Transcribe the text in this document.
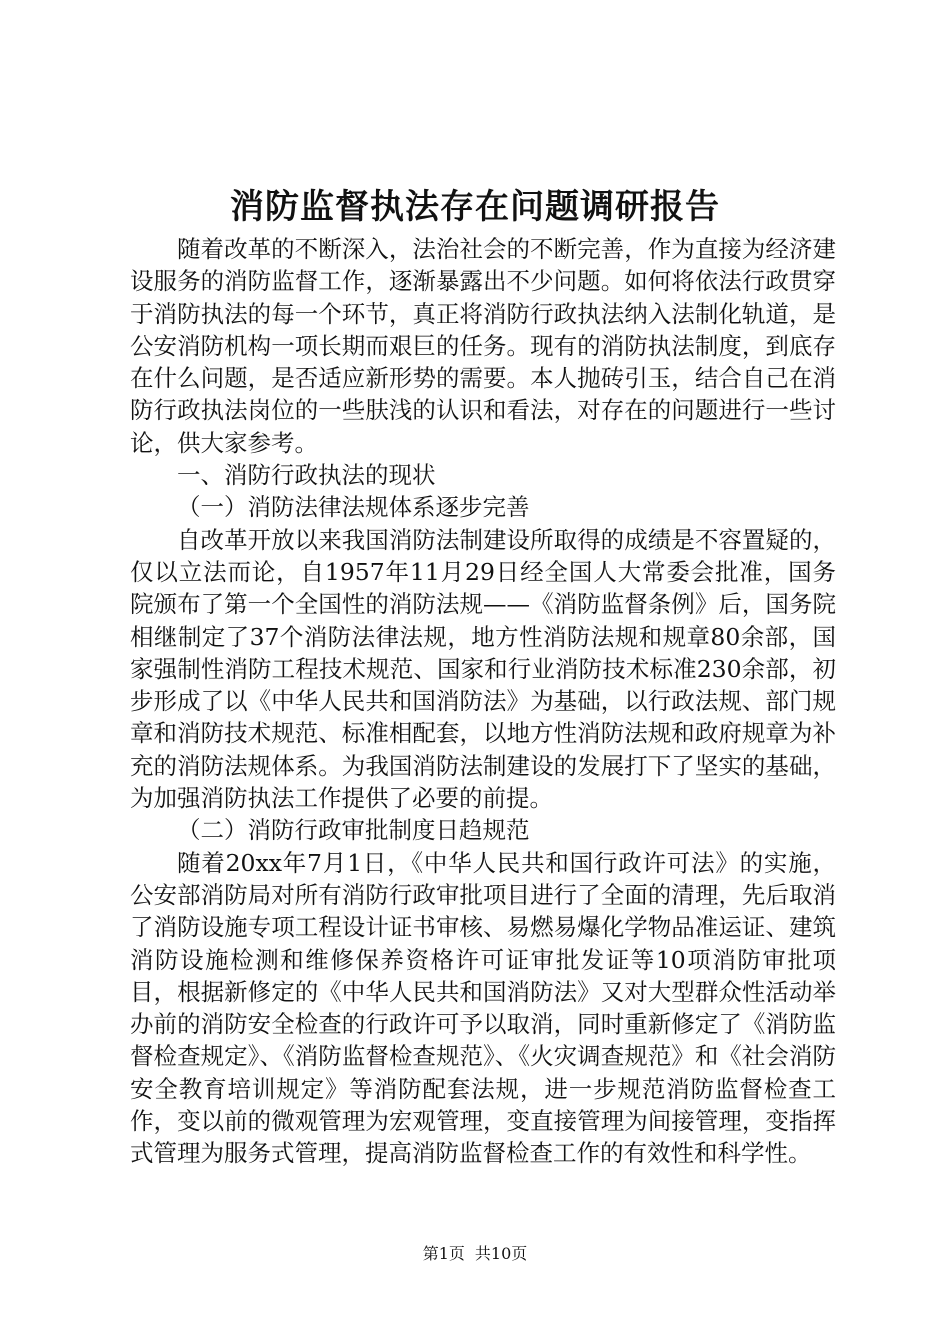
消防监督执法存在问题调研报告

随着改革的不断深入，法治社会的不断完善，作为直接为经济建设服务的消防监督工作，逐渐暴露出不少问题。如何将依法行政贯穿于消防执法的每一个环节，真正将消防行政执法纳入法制化轨道，是公安消防机构一项长期而艰巨的任务。现有的消防执法制度，到底存在什么问题，是否适应新形势的需要。本人抛砖引玉，结合自己在消防行政执法岗位的一些肤浅的认识和看法，对存在的问题进行一些讨论，供大家参考。

一、消防行政执法的现状

（一）消防法律法规体系逐步完善

自改革开放以来我国消防法制建设所取得的成绩是不容置疑的，仅以立法而论，自1957年11月29日经全国人大常委会批准，国务院颁布了第一个全国性的消防法规——《消防监督条例》后，国务院相继制定了37个消防法律法规，地方性消防法规和规章80余部，国家强制性消防工程技术规范、国家和行业消防技术标准230余部，初步形成了以《中华人民共和国消防法》为基础，以行政法规、部门规章和消防技术规范、标准相配套，以地方性消防法规和政府规章为补充的消防法规体系。为我国消防法制建设的发展打下了坚实的基础，为加强消防执法工作提供了必要的前提。

（二）消防行政审批制度日趋规范

随着20xx年7月1日，《中华人民共和国行政许可法》的实施，公安部消防局对所有消防行政审批项目进行了全面的清理，先后取消了消防设施专项工程设计证书审核、易燃易爆化学物品准运证、建筑消防设施检测和维修保养资格许可证审批发证等10项消防审批项目，根据新修定的《中华人民共和国消防法》又对大型群众性活动举办前的消防安全检查的行政许可予以取消，同时重新修定了《消防监督检查规定》、《消防监督检查规范》、《火灾调查规范》和《社会消防安全教育培训规定》等消防配套法规，进一步规范消防监督检查工作，变以前的微观管理为宏观管理，变直接管理为间接管理，变指挥式管理为服务式管理，提高消防监督检查工作的有效性和科学性。

第1页 共10页
